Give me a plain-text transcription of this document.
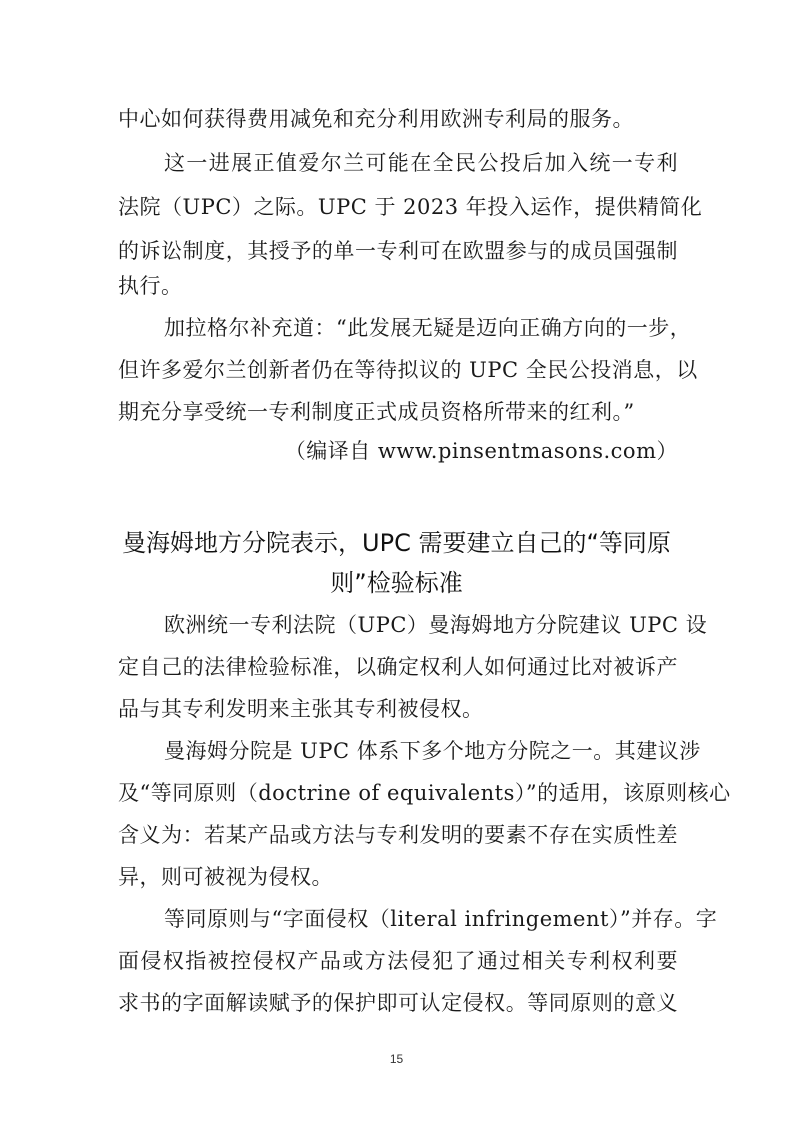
中心如何获得费用减免和充分利用欧洲专利局的服务。
这一进展正值爱尔兰可能在全民公投后加入统一专利
法院（UPC）之际。UPC 于 2023 年投入运作，提供精简化
的诉讼制度，其授予的单一专利可在欧盟参与的成员国强制
执行。
加拉格尔补充道：“此发展无疑是迈向正确方向的一步，
但许多爱尔兰创新者仍在等待拟议的 UPC 全民公投消息，以
期充分享受统一专利制度正式成员资格所带来的红利。”
（编译自 www.pinsentmasons.com）
曼海姆地方分院表示，UPC 需要建立自己的“等同原
则”检验标准
欧洲统一专利法院（UPC）曼海姆地方分院建议 UPC 设
定自己的法律检验标准，以确定权利人如何通过比对被诉产
品与其专利发明来主张其专利被侵权。
曼海姆分院是 UPC 体系下多个地方分院之一。其建议涉
及“等同原则（doctrine of equivalents）”的适用，该原则核心
含义为：若某产品或方法与专利发明的要素不存在实质性差
异，则可被视为侵权。
等同原则与“字面侵权（literal infringement）”并存。字
面侵权指被控侵权产品或方法侵犯了通过相关专利权利要
求书的字面解读赋予的保护即可认定侵权。等同原则的意义
15
